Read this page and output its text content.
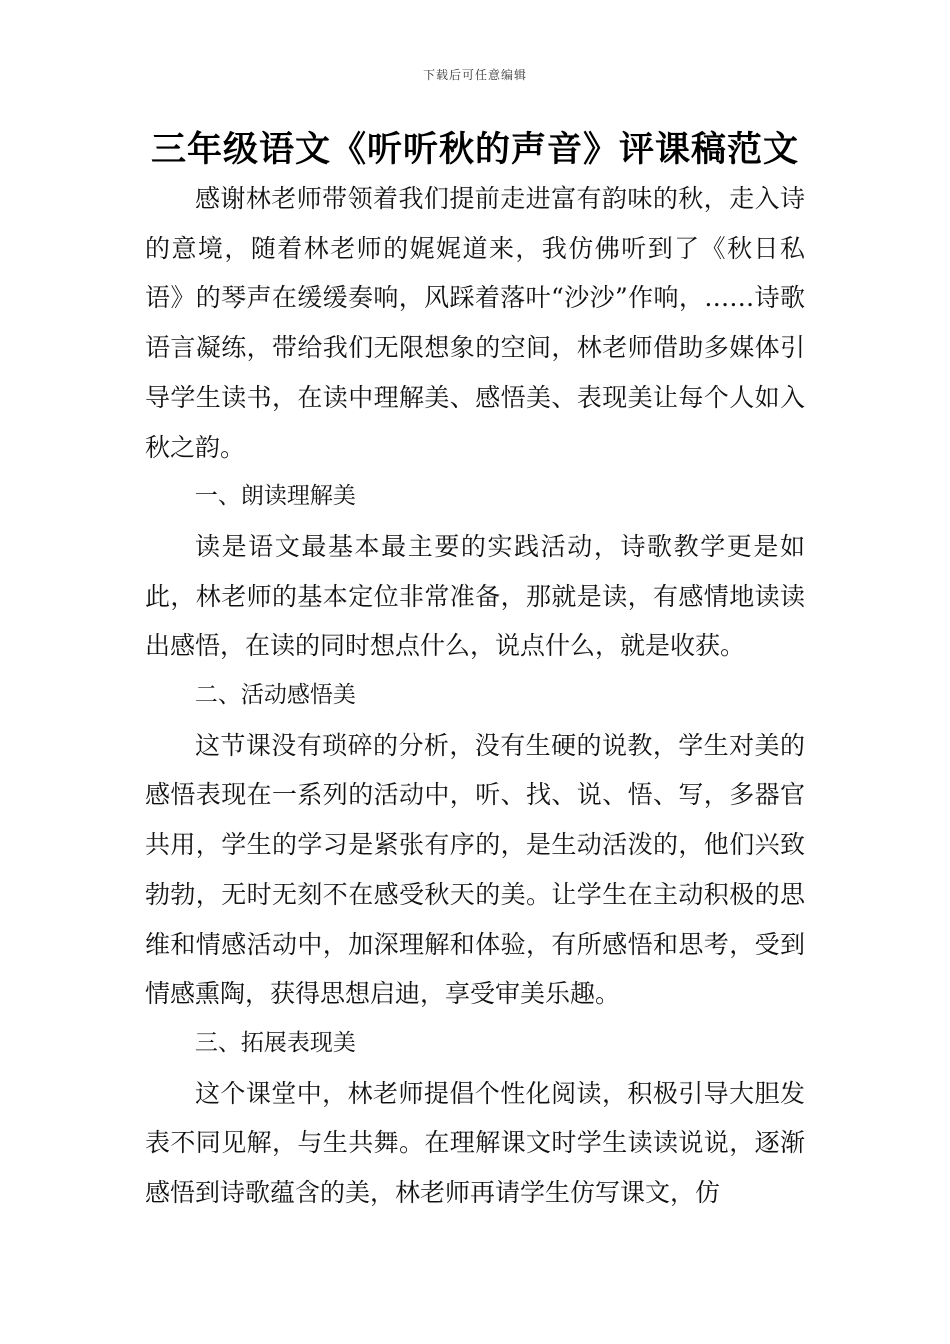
下载后可任意编辑
三年级语文《听听秋的声音》评课稿范文

感谢林老师带领着我们提前走进富有韵味的秋，走入诗的意境，随着林老师的娓娓道来，我仿佛听到了《秋日私语》的琴声在缓缓奏响，风踩着落叶“沙沙”作响，……诗歌语言凝练，带给我们无限想象的空间，林老师借助多媒体引导学生读书，在读中理解美、感悟美、表现美让每个人如入秋之韵。

一、朗读理解美

读是语文最基本最主要的实践活动，诗歌教学更是如此，林老师的基本定位非常准备，那就是读，有感情地读读出感悟，在读的同时想点什么，说点什么，就是收获。

二、活动感悟美

这节课没有琐碎的分析，没有生硬的说教，学生对美的感悟表现在一系列的活动中，听、找、说、悟、写，多器官共用，学生的学习是紧张有序的，是生动活泼的，他们兴致勃勃，无时无刻不在感受秋天的美。让学生在主动积极的思维和情感活动中，加深理解和体验，有所感悟和思考，受到情感熏陶，获得思想启迪，享受审美乐趣。

三、拓展表现美

这个课堂中，林老师提倡个性化阅读，积极引导大胆发表不同见解，与生共舞。在理解课文时学生读读说说，逐渐感悟到诗歌蕴含的美，林老师再请学生仿写课文，仿
